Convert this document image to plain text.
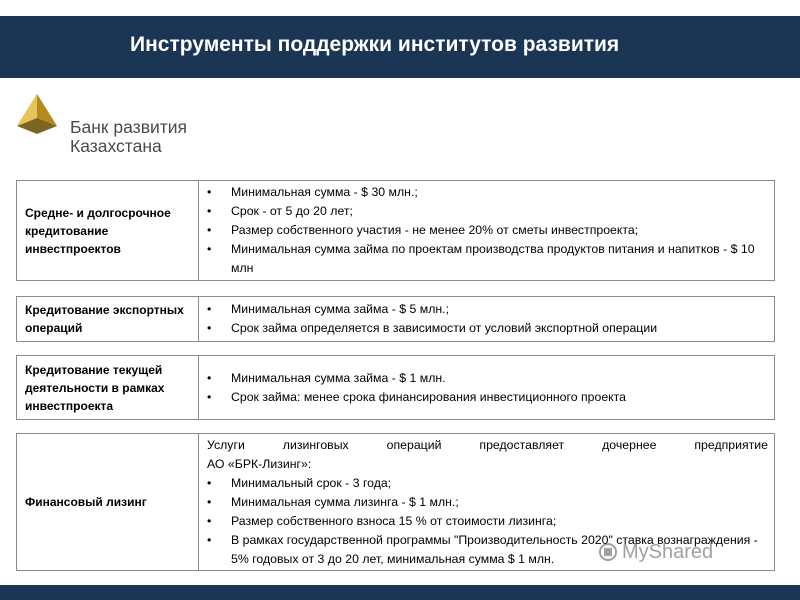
Инструменты поддержки институтов развития
Банк развития
Казахстана
Средне- и долгосрочное кредитование инвестпроектов
• Минимальная сумма - $ 30 млн.;
• Срок - от 5 до 20 лет;
• Размер собственного участия - не менее 20% от сметы инвестпроекта;
• Минимальная сумма займа по проектам производства продуктов питания и напитков - $ 10 млн
Кредитование экспортных операций
• Минимальная сумма займа - $ 5 млн.;
• Срок займа определяется в зависимости от условий экспортной операции
Кредитование текущей деятельности в рамках инвестпроекта
• Минимальная сумма займа - $ 1 млн.
• Срок займа: менее срока финансирования инвестиционного проекта
Финансовый лизинг
Услуги лизинговых операций предоставляет дочернее предприятие
АО «БРК-Лизинг»:
• Минимальный срок - 3 года;
• Минимальная сумма лизинга - $ 1 млн.;
• Размер собственного взноса 15 % от стоимости лизинга;
• В рамках государственной программы "Производительность 2020" ставка вознаграждения - 5% годовых от 3 до 20 лет, минимальная сумма $ 1 млн.	MyShared
